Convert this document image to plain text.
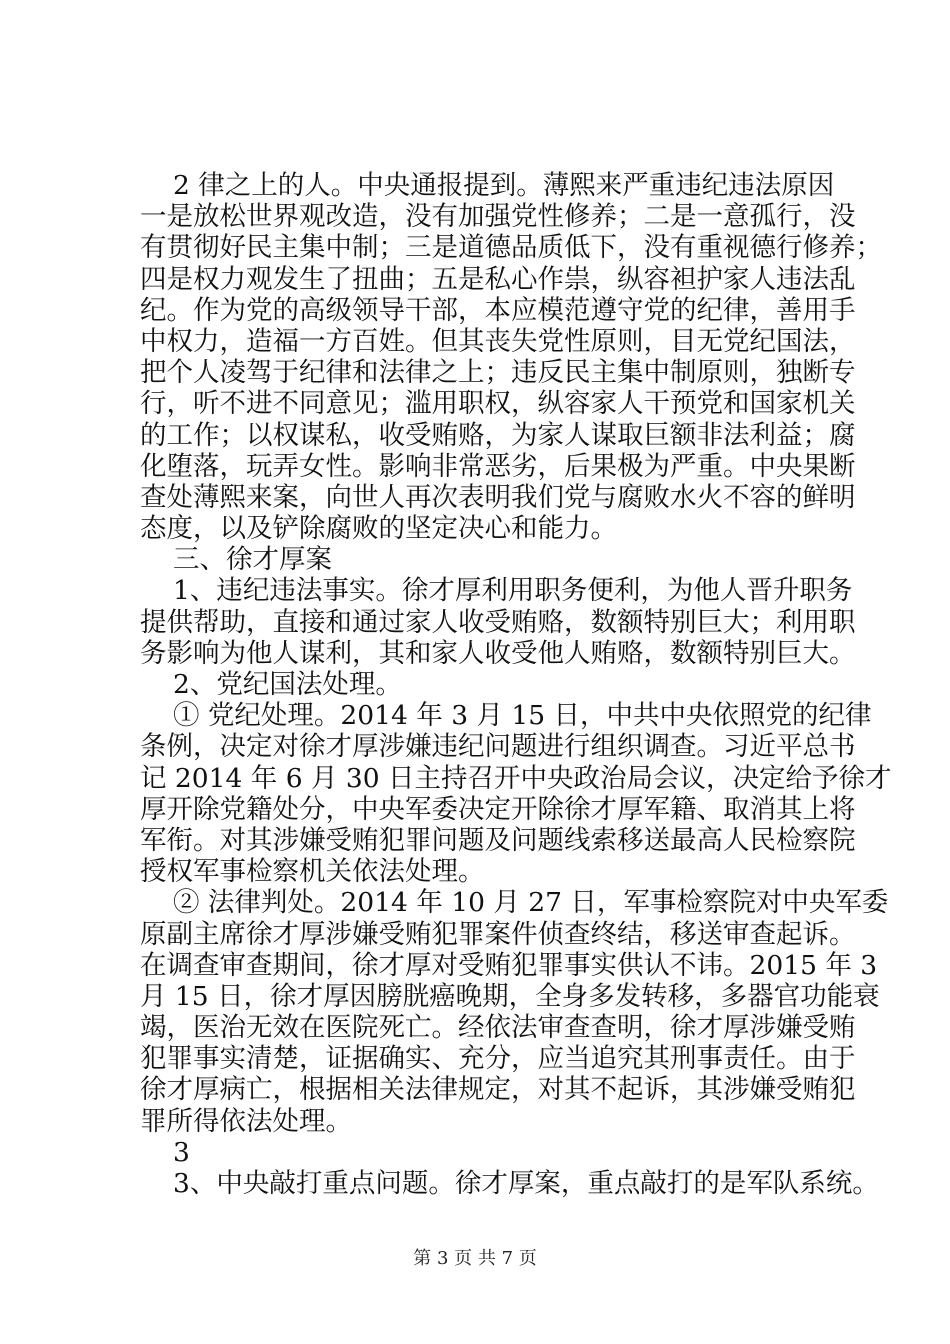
2 律之上的人。中央通报提到。薄熙来严重违纪违法原因
一是放松世界观改造，没有加强党性修养；二是一意孤行，没
有贯彻好民主集中制；三是道德品质低下，没有重视德行修养；
四是权力观发生了扭曲；五是私心作祟，纵容袒护家人违法乱
纪。作为党的高级领导干部，本应模范遵守党的纪律，善用手
中权力，造福一方百姓。但其丧失党性原则，目无党纪国法，
把个人凌驾于纪律和法律之上；违反民主集中制原则，独断专
行，听不进不同意见；滥用职权，纵容家人干预党和国家机关
的工作；以权谋私，收受贿赂，为家人谋取巨额非法利益；腐
化堕落，玩弄女性。影响非常恶劣，后果极为严重。中央果断
查处薄熙来案，向世人再次表明我们党与腐败水火不容的鲜明
态度，以及铲除腐败的坚定决心和能力。
三、徐才厚案
1、违纪违法事实。徐才厚利用职务便利，为他人晋升职务
提供帮助，直接和通过家人收受贿赂，数额特别巨大；利用职
务影响为他人谋利，其和家人收受他人贿赂，数额特别巨大。
2、党纪国法处理。
① 党纪处理。2014 年 3 月 15 日，中共中央依照党的纪律
条例，决定对徐才厚涉嫌违纪问题进行组织调查。习近平总书
记 2014 年 6 月 30 日主持召开中央政治局会议，决定给予徐才
厚开除党籍处分，中央军委决定开除徐才厚军籍、取消其上将
军衔。对其涉嫌受贿犯罪问题及问题线索移送最高人民检察院
授权军事检察机关依法处理。
② 法律判处。2014 年 10 月 27 日，军事检察院对中央军委
原副主席徐才厚涉嫌受贿犯罪案件侦查终结，移送审查起诉。
在调查审查期间，徐才厚对受贿犯罪事实供认不讳。2015 年 3
月 15 日，徐才厚因膀胱癌晚期，全身多发转移，多器官功能衰
竭，医治无效在医院死亡。经依法审查查明，徐才厚涉嫌受贿
犯罪事实清楚，证据确实、充分，应当追究其刑事责任。由于
徐才厚病亡，根据相关法律规定，对其不起诉，其涉嫌受贿犯
罪所得依法处理。
3
3、中央敲打重点问题。徐才厚案，重点敲打的是军队系统。
第 3 页 共 7 页
